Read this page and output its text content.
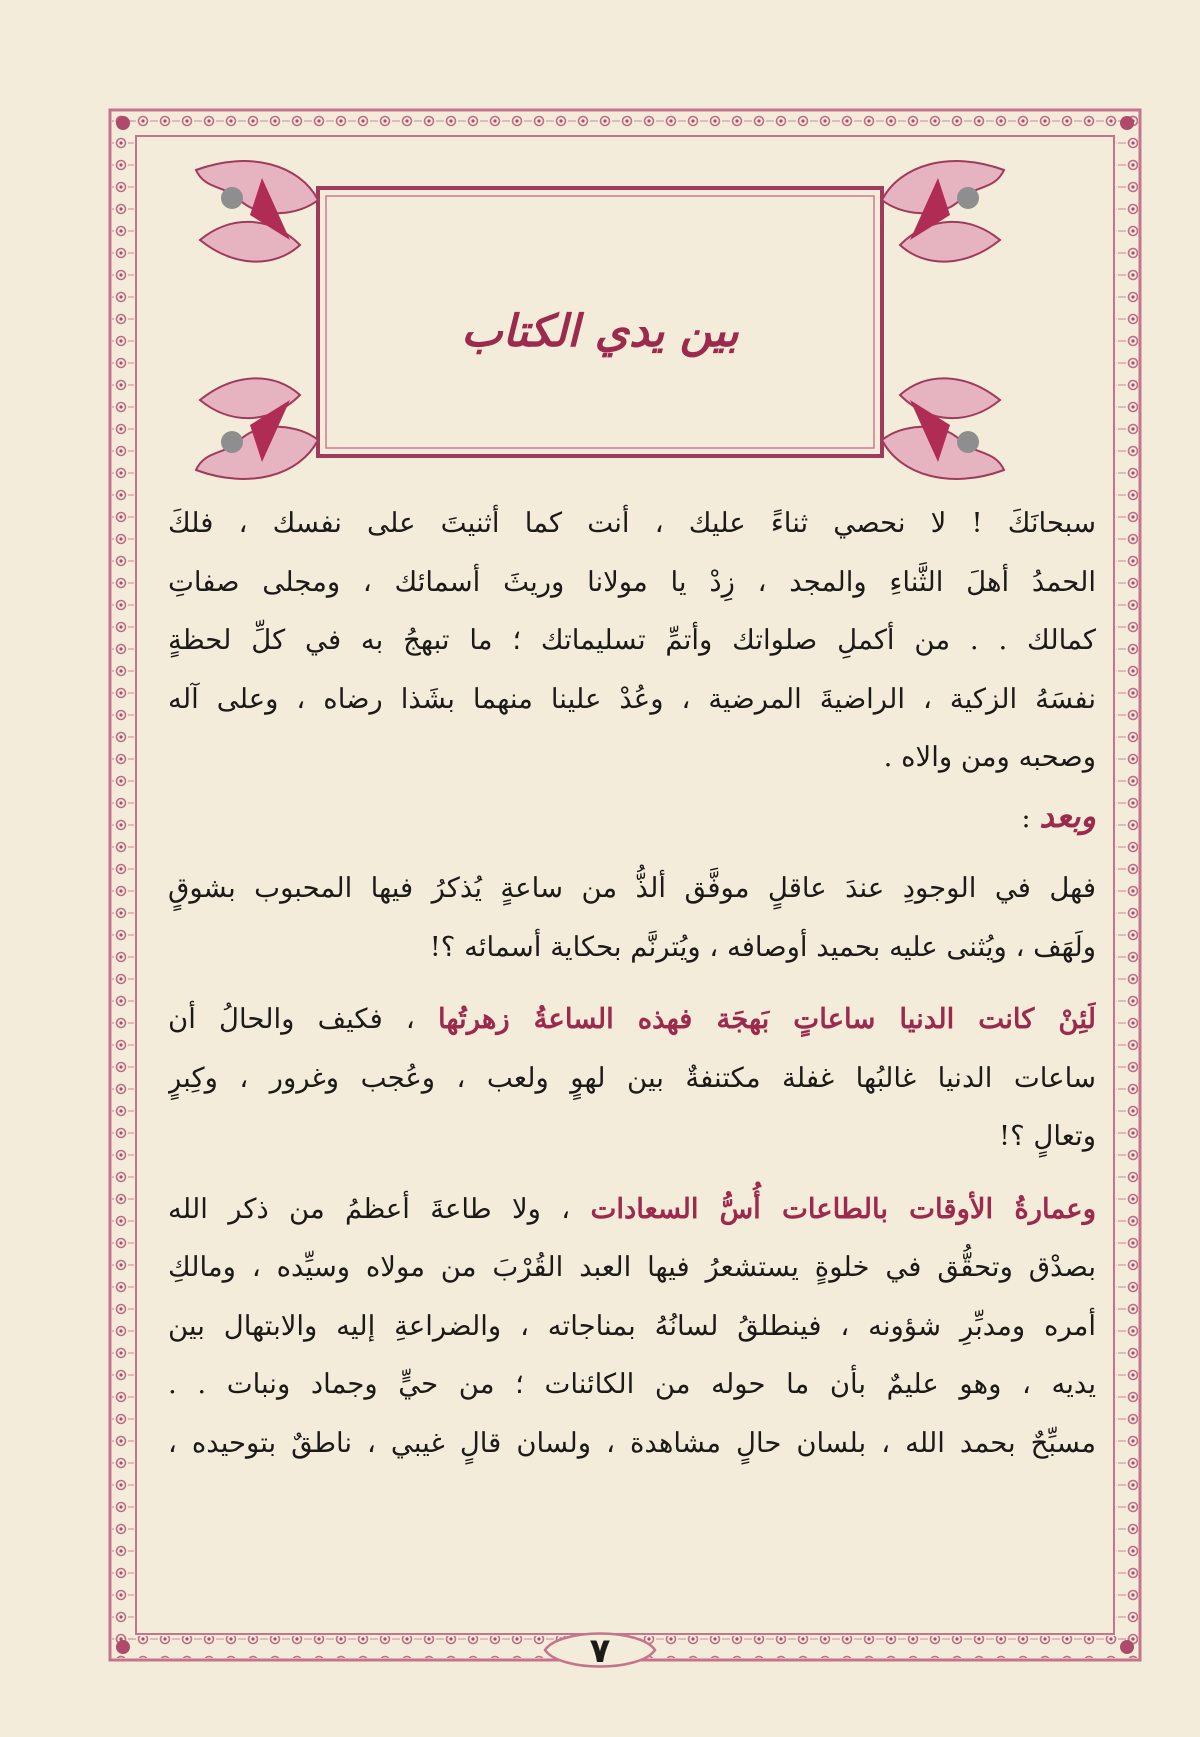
بين يدي الكتاب
سبحانَكَ ! لا نحصي ثناءً عليك ، أنت كما أثنيتَ على نفسك ، فلكَ
الحمدُ أهلَ الثَّناءِ والمجد ، زِدْ يا مولانا وريثَ أسمائك ، ومجلى صفاتِ
كمالك . . من أكملِ صلواتك وأتمِّ تسليماتك ؛ ما تبهجُ به في كلِّ لحظةٍ
نفسَهُ الزكية ، الراضيةَ المرضية ، وعُدْ علينا منهما بشَذا رضاه ، وعلى آله
وصحبه ومن والاه .
وبعد :
فهل في الوجودِ عندَ عاقلٍ موفَّق ألذُّ من ساعةٍ يُذكرُ فيها المحبوب بشوقٍ
ولَهَف ، ويُثنى عليه بحميد أوصافه ، ويُترنَّم بحكاية أسمائه ؟!
لَئِنْ كانت الدنيا ساعاتٍ بَهجَة فهذه الساعةُ زهرتُها ، فكيف والحالُ أن
ساعات الدنيا غالبُها غفلة مكتنفةٌ بين لهوٍ ولعب ، وعُجب وغرور ، وكِبرٍ
وتعالٍ ؟!
وعمارةُ الأوقات بالطاعات أُسُّ السعادات ، ولا طاعةَ أعظمُ من ذكر الله
بصدْق وتحقُّق في خلوةٍ يستشعرُ فيها العبد القُرْبَ من مولاه وسيِّده ، ومالكِ
أمره ومدبِّرِ شؤونه ، فينطلقُ لسانُهُ بمناجاته ، والضراعةِ إليه والابتهال بين
يديه ، وهو عليمٌ بأن ما حوله من الكائنات ؛ من حيٍّ وجماد ونبات . .
مسبِّحٌ بحمد الله ، بلسان حالٍ مشاهدة ، ولسان قالٍ غيبي ، ناطقٌ بتوحيده ،
٧
